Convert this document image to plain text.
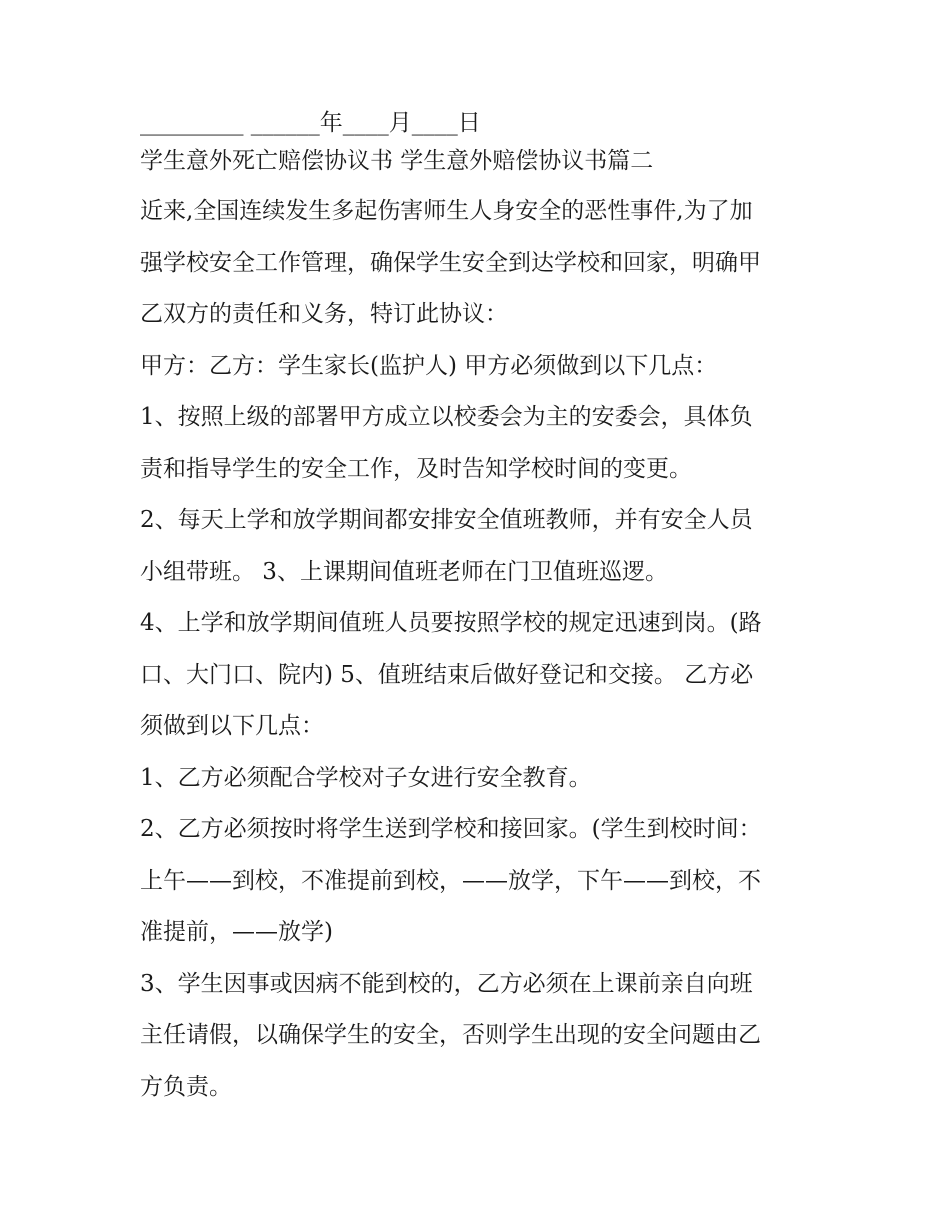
_________ ______年____月____日

学生意外死亡赔偿协议书 学生意外赔偿协议书篇二

近来,全国连续发生多起伤害师生人身安全的恶性事件,为了加

强学校安全工作管理，确保学生安全到达学校和回家，明确甲

乙双方的责任和义务，特订此协议：

甲方：乙方：学生家长(监护人) 甲方必须做到以下几点：

1、按照上级的部署甲方成立以校委会为主的安委会，具体负

责和指导学生的安全工作，及时告知学校时间的变更。

2、每天上学和放学期间都安排安全值班教师，并有安全人员

小组带班。 3、上课期间值班老师在门卫值班巡逻。

4、上学和放学期间值班人员要按照学校的规定迅速到岗。(路

口、大门口、院内) 5、值班结束后做好登记和交接。 乙方必

须做到以下几点：

1、乙方必须配合学校对子女进行安全教育。

2、乙方必须按时将学生送到学校和接回家。(学生到校时间：

上午——到校，不准提前到校，——放学，下午——到校，不

准提前，——放学)

3、学生因事或因病不能到校的，乙方必须在上课前亲自向班

主任请假，以确保学生的安全，否则学生出现的安全问题由乙

方负责。
